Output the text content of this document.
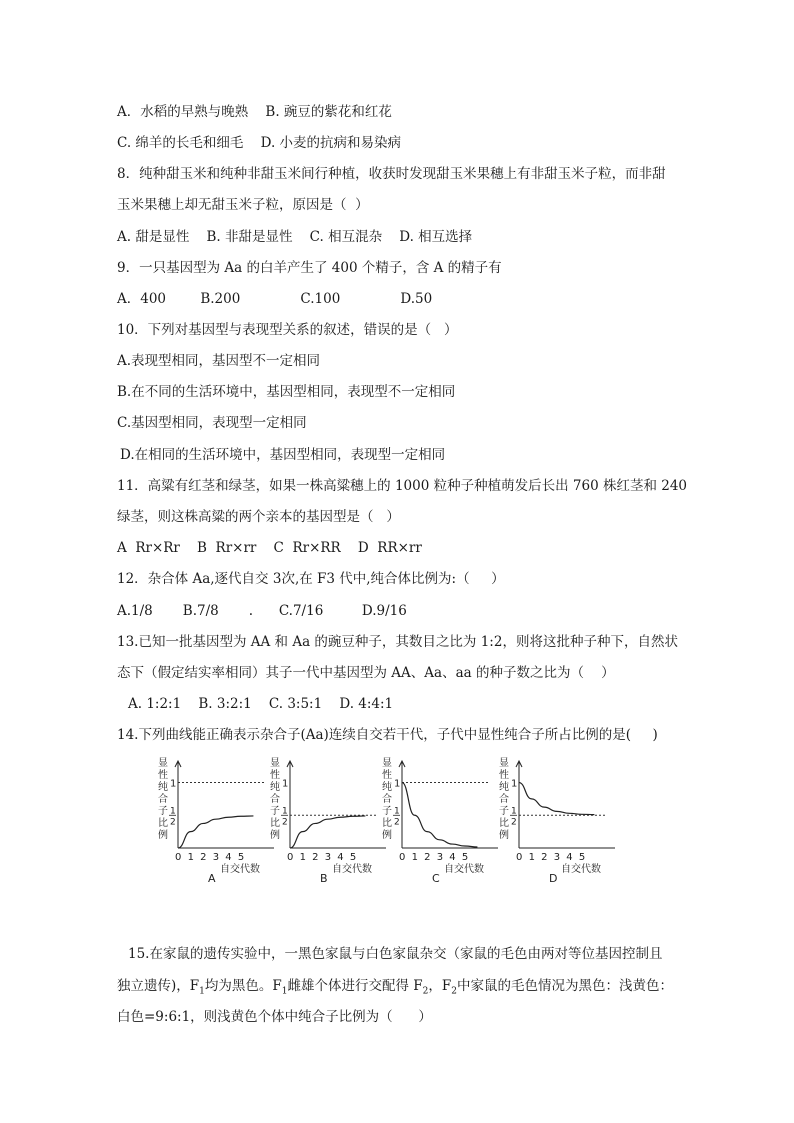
A．水稻的早熟与晚熟    B. 豌豆的紫花和红花
C. 绵羊的长毛和细毛    D. 小麦的抗病和易染病
8．纯种甜玉米和纯种非甜玉米间行种植，收获时发现甜玉米果穗上有非甜玉米子粒，而非甜
玉米果穗上却无甜玉米子粒，原因是（  ）
A. 甜是显性    B. 非甜是显性    C. 相互混杂    D. 相互选择
9．一只基因型为 Aa 的白羊产生了 400 个精子，含 A 的精子有
A．400        B.200              C.100              D.50
10．下列对基因型与表现型关系的叙述，错误的是（   ）
A.表现型相同，基因型不一定相同
B.在不同的生活环境中，基因型相同，表现型不一定相同
C.基因型相同，表现型一定相同
D.在相同的生活环境中，基因型相同，表现型一定相同
11．高粱有红茎和绿茎，如果一株高粱穗上的 1000 粒种子种植萌发后长出 760 株红茎和 240
绿茎，则这株高粱的两个亲本的基因型是（   ）
A  Rr×Rr    B  Rr×rr    C  Rr×RR    D  RR×rr
12．杂合体 Aa,逐代自交 3次,在 F3 代中,纯合体比例为:（     ）
A.1/8       B.7/8       .      C.7/16         D.9/16
13.已知一批基因型为 AA 和 Aa 的豌豆种子，其数目之比为 1:2，则将这批种子种下，自然状
态下（假定结实率相同）其子一代中基因型为 AA、Aa、aa 的种子数之比为（    ）
A. 1:2:1    B. 3:2:1    C. 3:5:1    D. 4:4:1
14.下列曲线能正确表示杂合子(Aa)连续自交若干代，子代中显性纯合子所占比例的是(     )
显
性
纯
合
子
比
例
1
1
2
0 1 2 3 4 5
自交代数
A
显
性
纯
合
子
比
例
1
1
2
0 1 2 3 4 5
自交代数
B
显
性
纯
合
子
比
例
1
1
2
0 1 2 3 4 5
自交代数
C
显
性
纯
合
子
比
例
1
1
2
0 1 2 3 4 5
自交代数
D
15.在家鼠的遗传实验中，一黑色家鼠与白色家鼠杂交（家鼠的毛色由两对等位基因控制且
独立遗传)，$F_1$均为黑色。$F_1$雌雄个体进行交配得 $F_2$，$F_2$中家鼠的毛色情况为黑色：浅黄色：
白色=9:6:1，则浅黄色个体中纯合子比例为（      ）
